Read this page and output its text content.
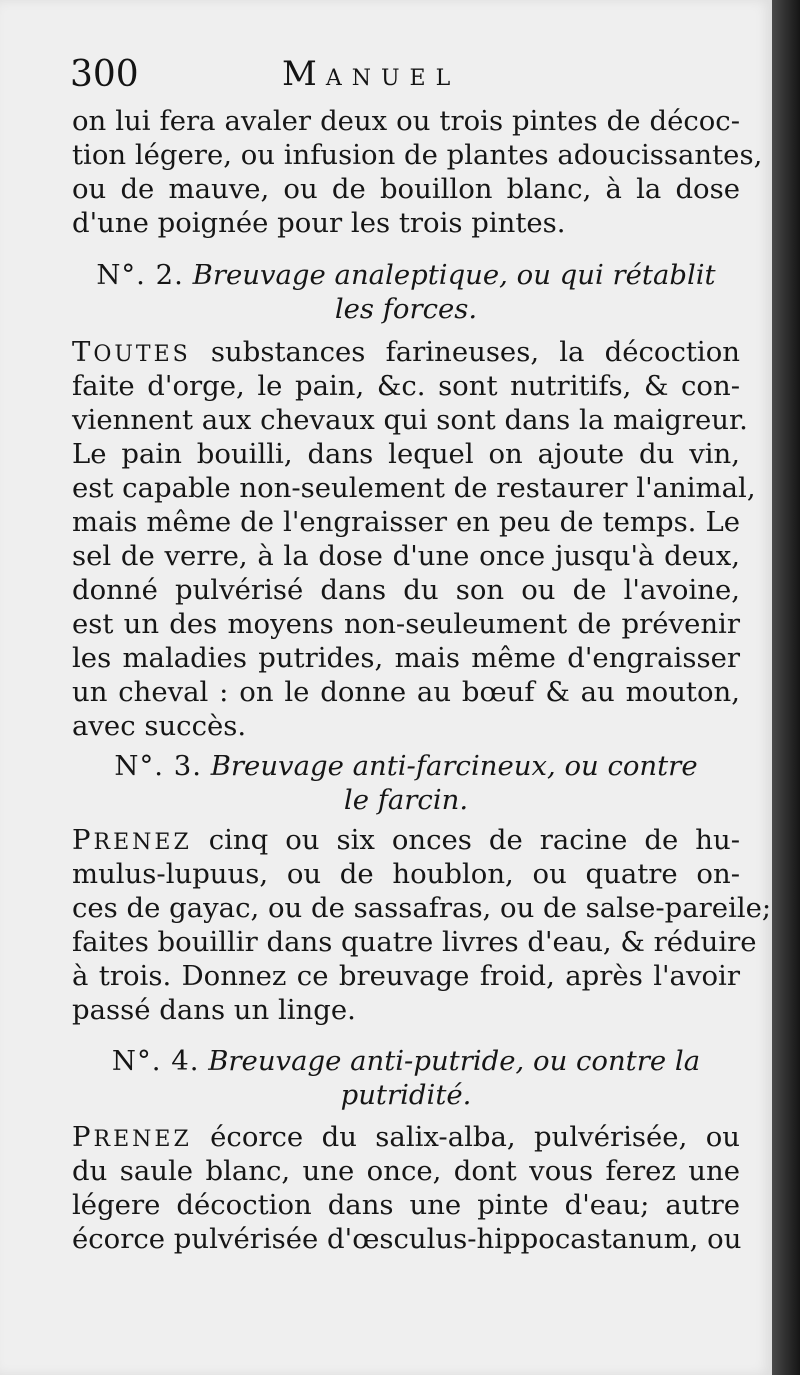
300	MANUEL
on lui fera avaler deux ou trois pintes de décoc-
tion légere, ou infusion de plantes adoucissantes,
ou de mauve, ou de bouillon blanc, à la dose
d'une poignée pour les trois pintes.
N°. 2. Breuvage analeptique, ou qui rétablit
les forces.
TOUTES substances farineuses, la décoction
faite d'orge, le pain, &c. sont nutritifs, & con-
viennent aux chevaux qui sont dans la maigreur.
Le pain bouilli, dans lequel on ajoute du vin,
est capable non-seulement de restaurer l'animal,
mais même de l'engraisser en peu de temps. Le
sel de verre, à la dose d'une once jusqu'à deux,
donné pulvérisé dans du son ou de l'avoine,
est un des moyens non-seuleument de prévenir
les maladies putrides, mais même d'engraisser
un cheval : on le donne au bœuf & au mouton,
avec succès.
N°. 3. Breuvage anti-farcineux, ou contre
le farcin.
PRENEZ cinq ou six onces de racine de hu-
mulus-lupuus, ou de houblon, ou quatre on-
ces de gayac, ou de sassafras, ou de salse-pareile;
faites bouillir dans quatre livres d'eau, & réduire
à trois. Donnez ce breuvage froid, après l'avoir
passé dans un linge.
N°. 4. Breuvage anti-putride, ou contre la
putridité.
PRENEZ écorce du salix-alba, pulvérisée, ou
du saule blanc, une once, dont vous ferez une
légere décoction dans une pinte d'eau; autre
écorce pulvérisée d'œsculus-hippocastanum, ou
